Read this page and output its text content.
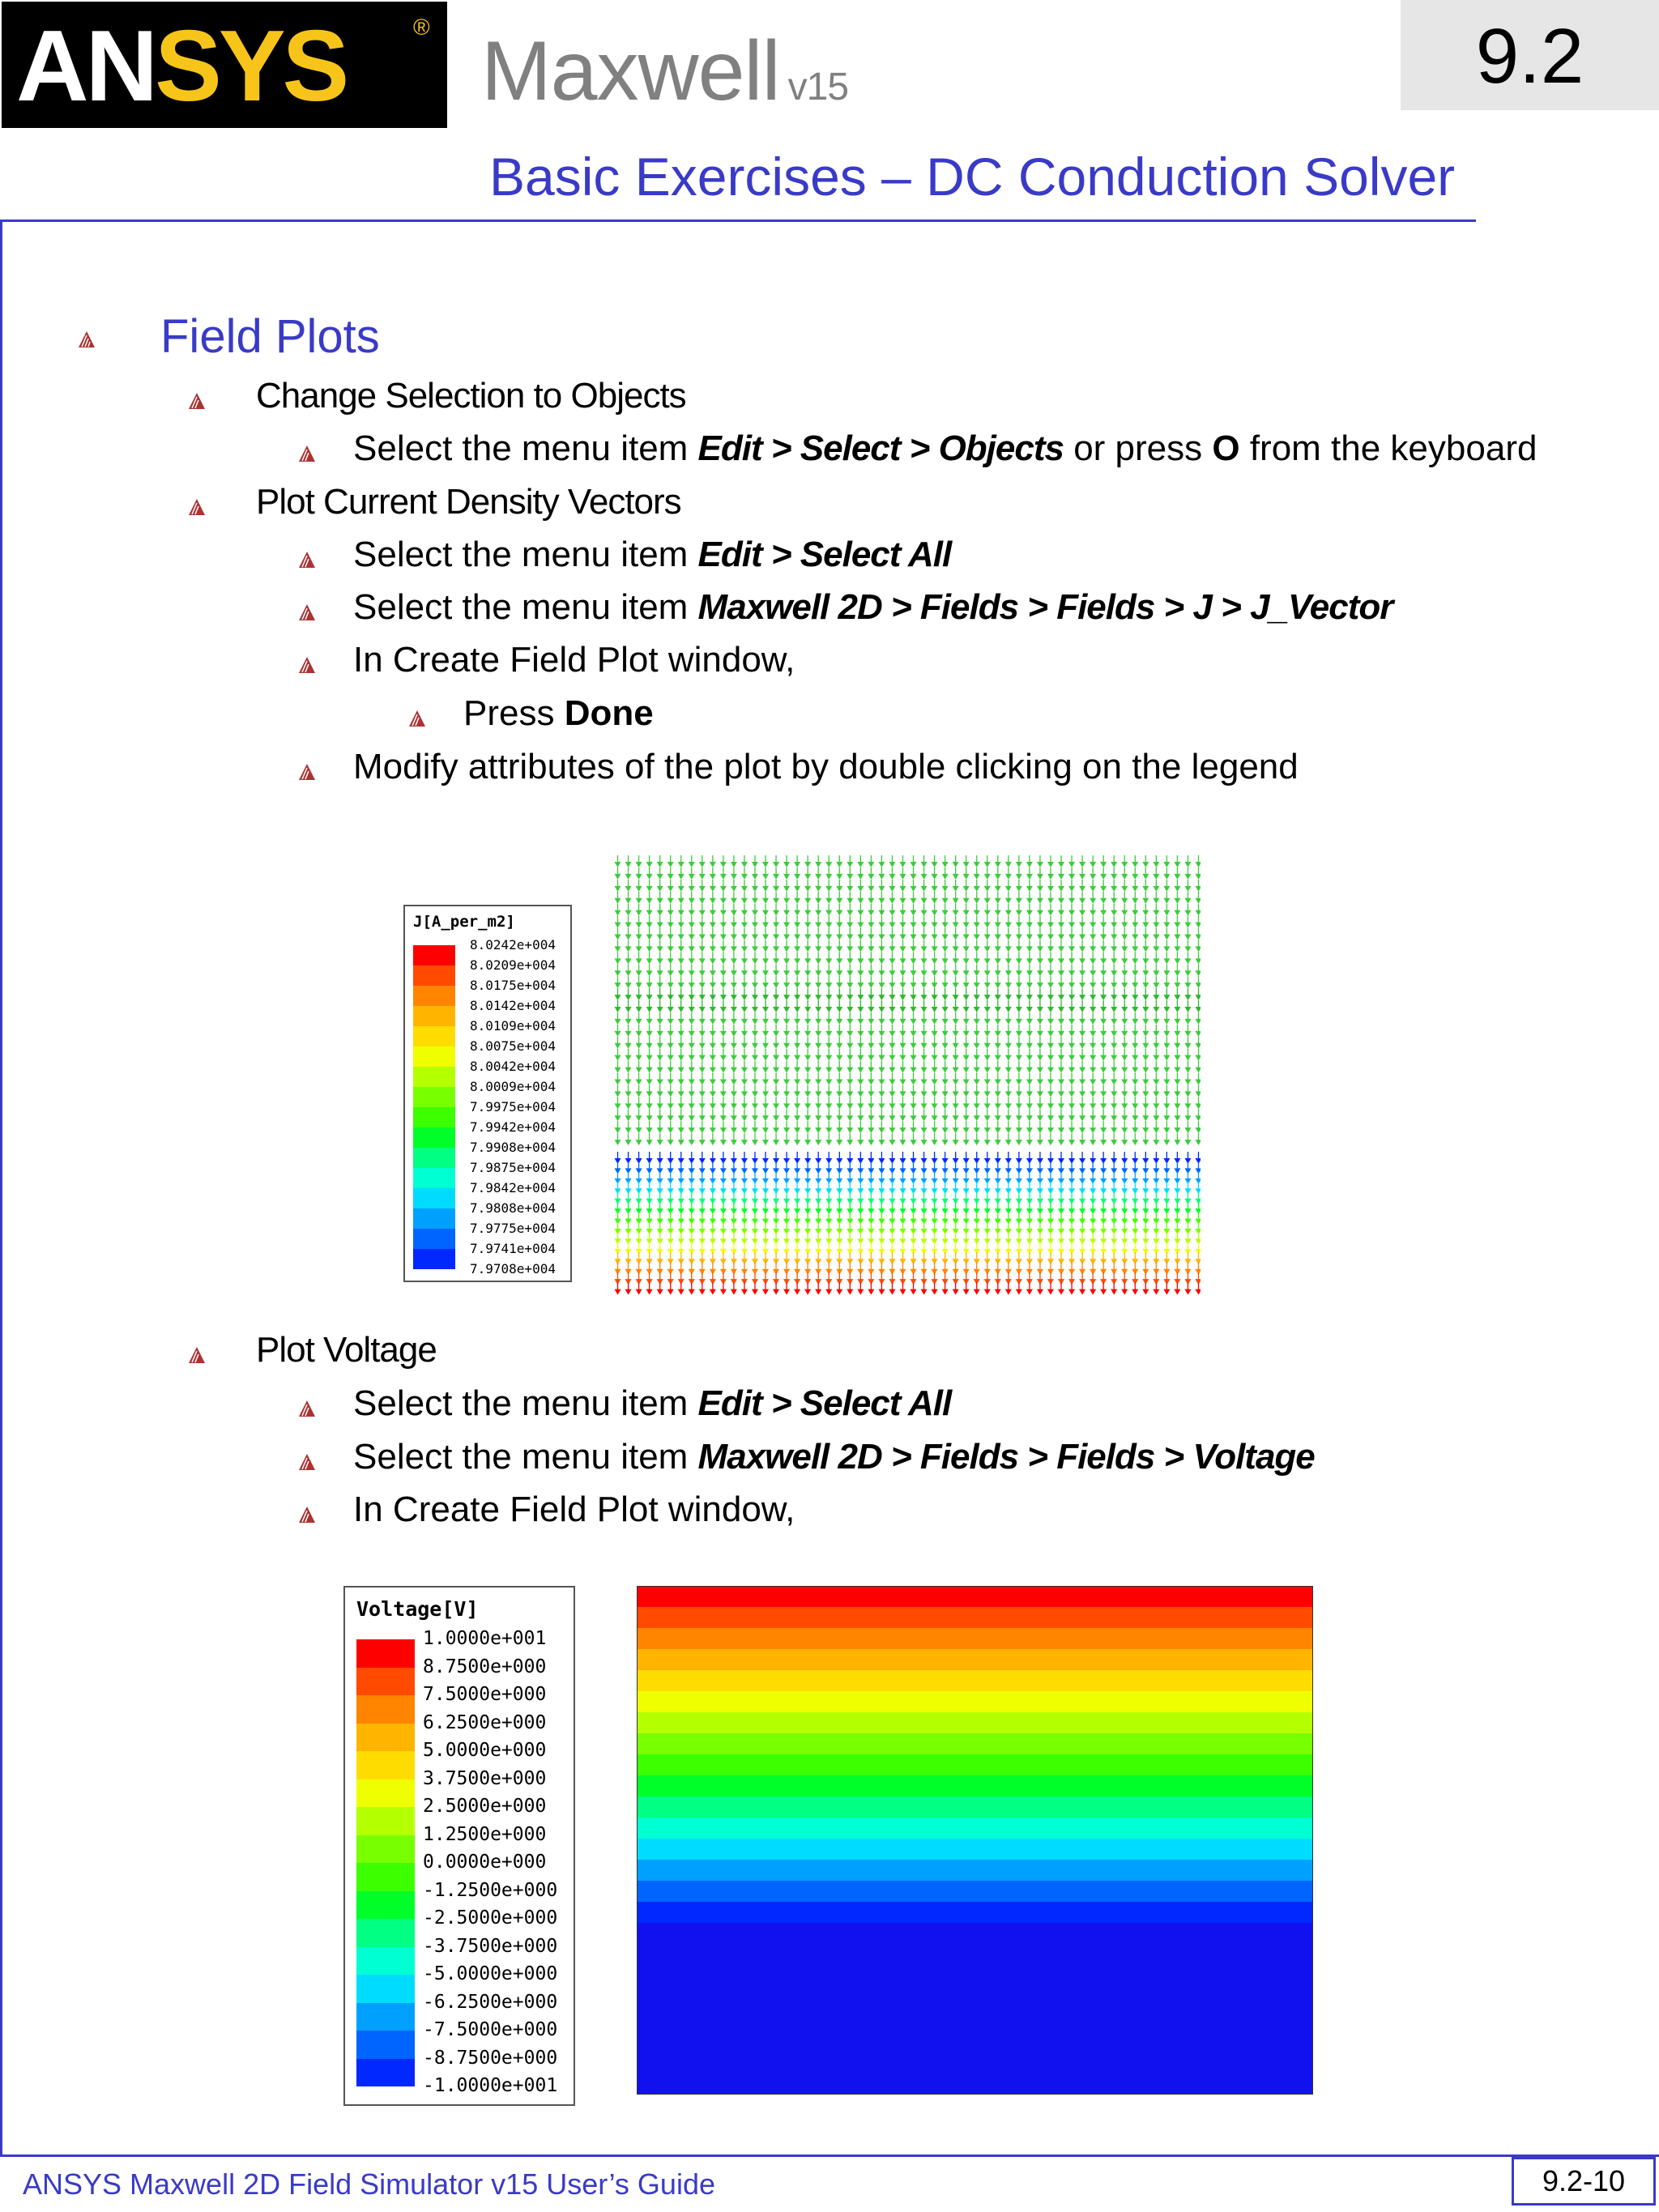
ANSYS	® Maxwell v15	9.2
Basic Exercises – DC Conduction Solver
Field Plots
Change Selection to Objects
Select the menu item Edit > Select > Objects or press O from the keyboard
Plot Current Density Vectors
Select the menu item Edit > Select All
Select the menu item Maxwell 2D > Fields > Fields > J > J_Vector
In Create Field Plot window,
Press Done
Modify attributes of the plot by double clicking on the legend
Plot Voltage
Select the menu item Edit > Select All
Select the menu item Maxwell 2D > Fields > Fields > Voltage
In Create Field Plot window,
J[A_per_m2]
8.0242e+004
8.0209e+004
8.0175e+004
8.0142e+004
8.0109e+004
8.0075e+004
8.0042e+004
8.0009e+004
7.9975e+004
7.9942e+004
7.9908e+004
7.9875e+004
7.9842e+004
7.9808e+004
7.9775e+004
7.9741e+004
7.9708e+004
Voltage[V]
1.0000e+001
8.7500e+000
7.5000e+000
6.2500e+000
5.0000e+000
3.7500e+000
2.5000e+000
1.2500e+000
0.0000e+000
-1.2500e+000
-2.5000e+000
-3.7500e+000
-5.0000e+000
-6.2500e+000
-7.5000e+000
-8.7500e+000
-1.0000e+001
ANSYS Maxwell 2D Field Simulator v15 User’s Guide	9.2-10
